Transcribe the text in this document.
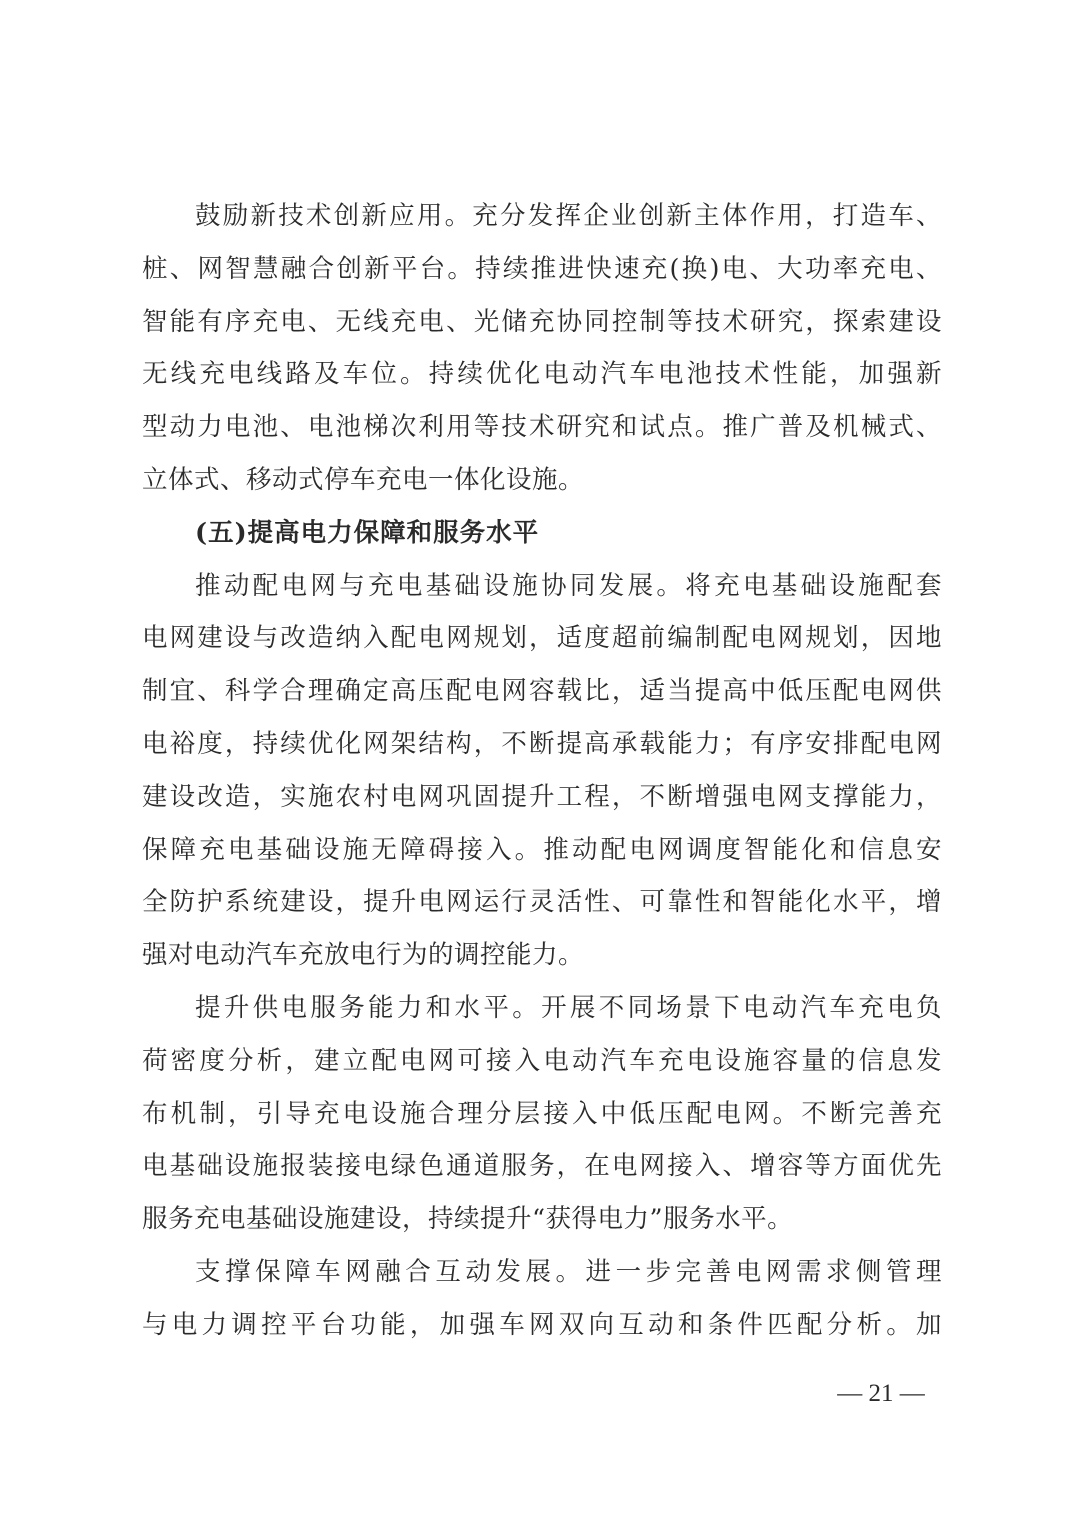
鼓励新技术创新应用。充分发挥企业创新主体作用，打造车、
桩、网智慧融合创新平台。持续推进快速充(换)电、大功率充电、
智能有序充电、无线充电、光储充协同控制等技术研究，探索建设
无线充电线路及车位。持续优化电动汽车电池技术性能，加强新
型动力电池、电池梯次利用等技术研究和试点。推广普及机械式、
立体式、移动式停车充电一体化设施。
(五)提高电力保障和服务水平
推动配电网与充电基础设施协同发展。将充电基础设施配套
电网建设与改造纳入配电网规划，适度超前编制配电网规划，因地
制宜、科学合理确定高压配电网容载比，适当提高中低压配电网供
电裕度，持续优化网架结构，不断提高承载能力；有序安排配电网
建设改造，实施农村电网巩固提升工程，不断增强电网支撑能力，
保障充电基础设施无障碍接入。推动配电网调度智能化和信息安
全防护系统建设，提升电网运行灵活性、可靠性和智能化水平，增
强对电动汽车充放电行为的调控能力。
提升供电服务能力和水平。开展不同场景下电动汽车充电负
荷密度分析，建立配电网可接入电动汽车充电设施容量的信息发
布机制，引导充电设施合理分层接入中低压配电网。不断完善充
电基础设施报装接电绿色通道服务，在电网接入、增容等方面优先
服务充电基础设施建设，持续提升“获得电力”服务水平。
支撑保障车网融合互动发展。进一步完善电网需求侧管理
与电力调控平台功能，加强车网双向互动和条件匹配分析。加
— 21 —
